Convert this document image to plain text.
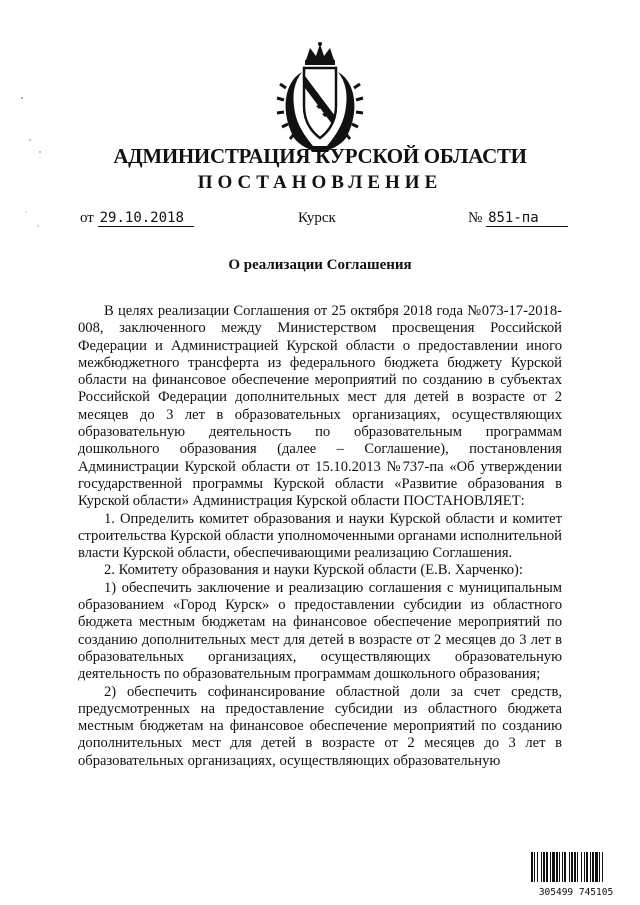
АДМИНИСТРАЦИЯ КУРСКОЙ ОБЛАСТИ
ПОСТАНОВЛЕНИЕ
от 29.10.2018	Курск	№ 851-па
О реализации Соглашения

В целях реализации Соглашения от 25 октября 2018 года №073-17-2018-008, заключенного между Министерством просвещения Российской Федерации и Администрацией Курской области о предоставлении иного межбюджетного трансферта из федерального бюджета бюджету Курской области на финансовое обеспечение мероприятий по созданию в субъектах Российской Федерации дополнительных мест для детей в возрасте от 2 месяцев до 3 лет в образовательных организациях, осуществляющих образовательную деятельность по образовательным программам дошкольного образования (далее – Соглашение), постановления Администрации Курской области от 15.10.2013 №737-па «Об утверждении государственной программы Курской области «Развитие образования в Курской области» Администрация Курской области ПОСТАНОВЛЯЕТ:

1. Определить комитет образования и науки Курской области и комитет строительства Курской области уполномоченными органами исполнительной власти Курской области, обеспечивающими реализацию Соглашения.

2. Комитету образования и науки Курской области (Е.В. Харченко):

1) обеспечить заключение и реализацию соглашения с муниципальным образованием «Город Курск» о предоставлении субсидии из областного бюджета местным бюджетам на финансовое обеспечение мероприятий по созданию дополнительных мест для детей в возрасте от 2 месяцев до 3 лет в образовательных организациях, осуществляющих образовательную деятельность по образовательным программам дошкольного образования;

2) обеспечить софинансирование областной доли за счет средств, предусмотренных на предоставление субсидии из областного бюджета местным бюджетам на финансовое обеспечение мероприятий по созданию дополнительных мест для детей в возрасте от 2 месяцев до 3 лет в образовательных организациях, осуществляющих образовательную

305499 745105
